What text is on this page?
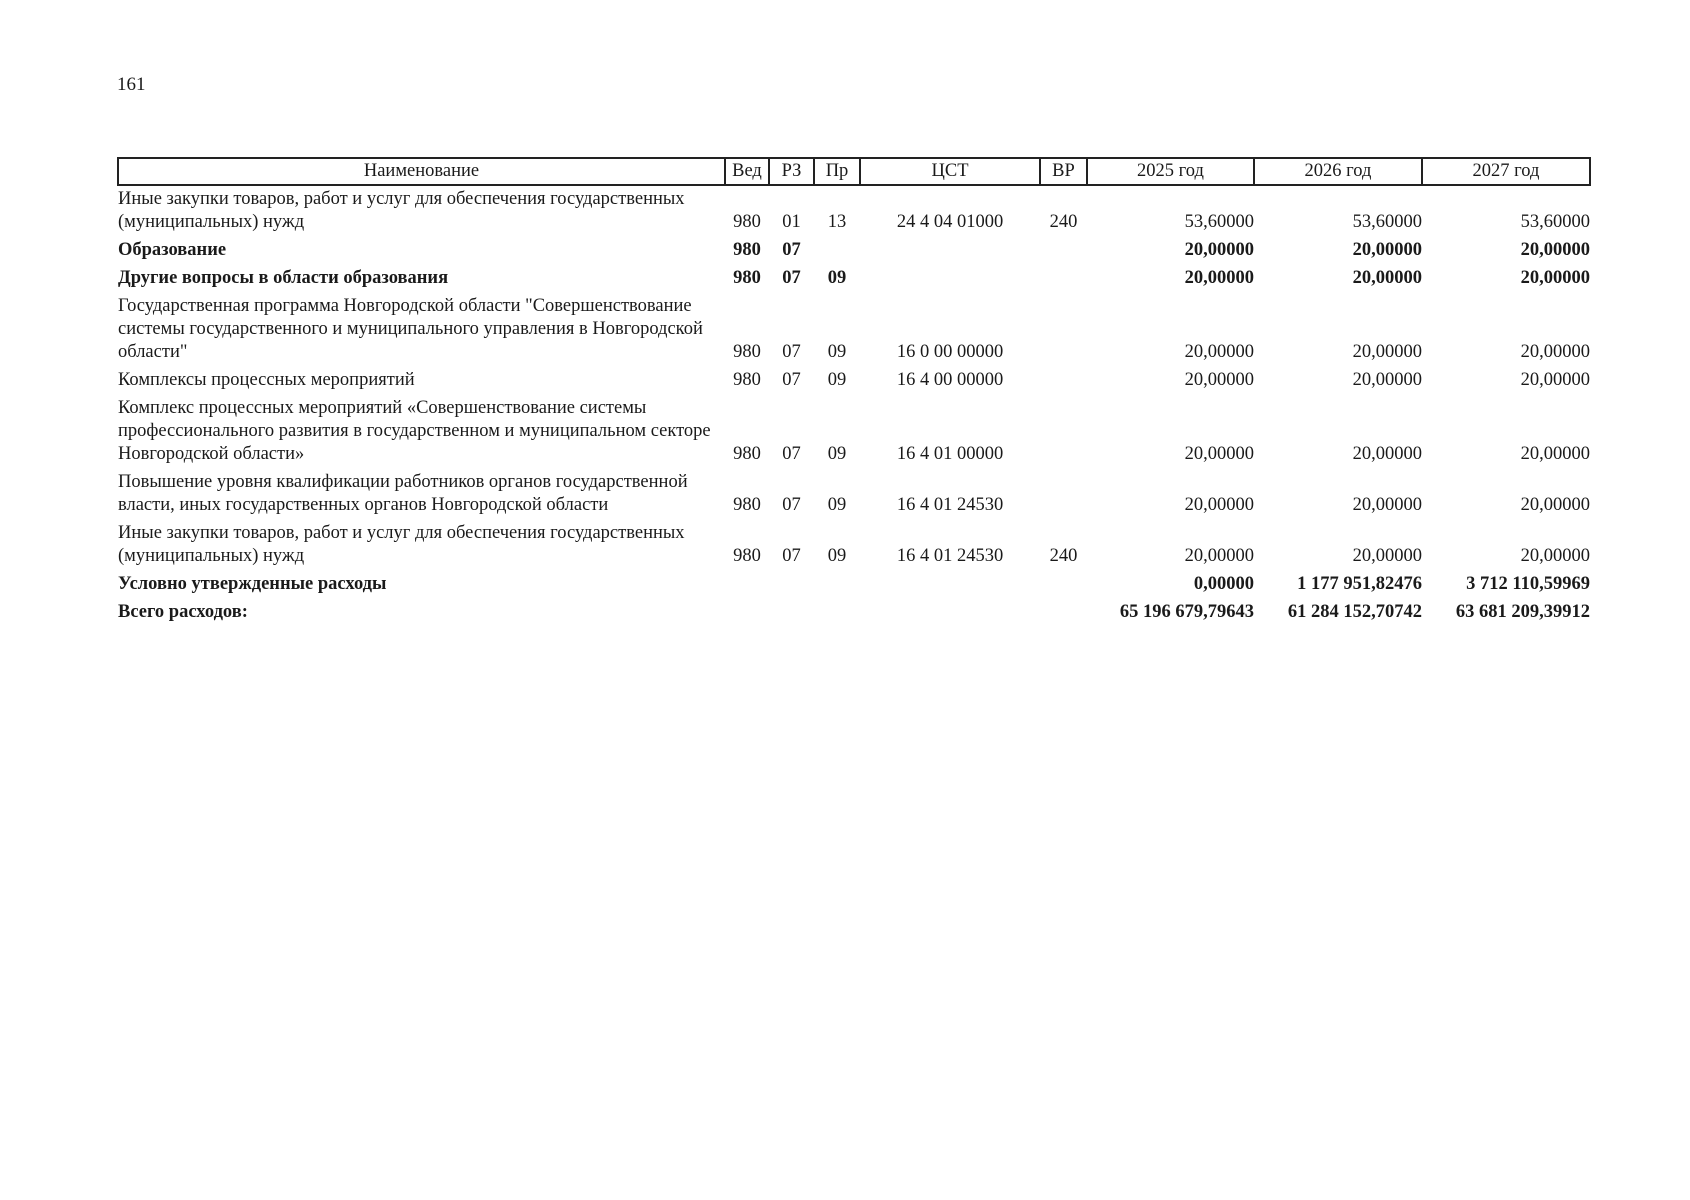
161
Наименование	Вед	РЗ	Пр	ЦСТ	ВР	2025 год	2026 год	2027 год
Иные закупки товаров, работ и услуг для обеспечения государственных (муниципальных) нужд	980	01	13	24 4 04 01000	240	53,60000	53,60000	53,60000
Образование	980	07				20,00000	20,00000	20,00000
Другие вопросы в области образования	980	07	09			20,00000	20,00000	20,00000
Государственная программа Новгородской области "Совершенствование системы государственного и муниципального управления в Новгородской области"	980	07	09	16 0 00 00000		20,00000	20,00000	20,00000
Комплексы процессных мероприятий	980	07	09	16 4 00 00000		20,00000	20,00000	20,00000
Комплекс процессных мероприятий «Совершенствование системы профессионального развития в государственном и муниципальном секторе Новгородской области»	980	07	09	16 4 01 00000		20,00000	20,00000	20,00000
Повышение уровня квалификации работников органов государственной власти, иных государственных органов Новгородской области	980	07	09	16 4 01 24530		20,00000	20,00000	20,00000
Иные закупки товаров, работ и услуг для обеспечения государственных (муниципальных) нужд	980	07	09	16 4 01 24530	240	20,00000	20,00000	20,00000
Условно утвержденные расходы						0,00000	1 177 951,82476	3 712 110,59969
Всего расходов:						65 196 679,79643	61 284 152,70742	63 681 209,39912
